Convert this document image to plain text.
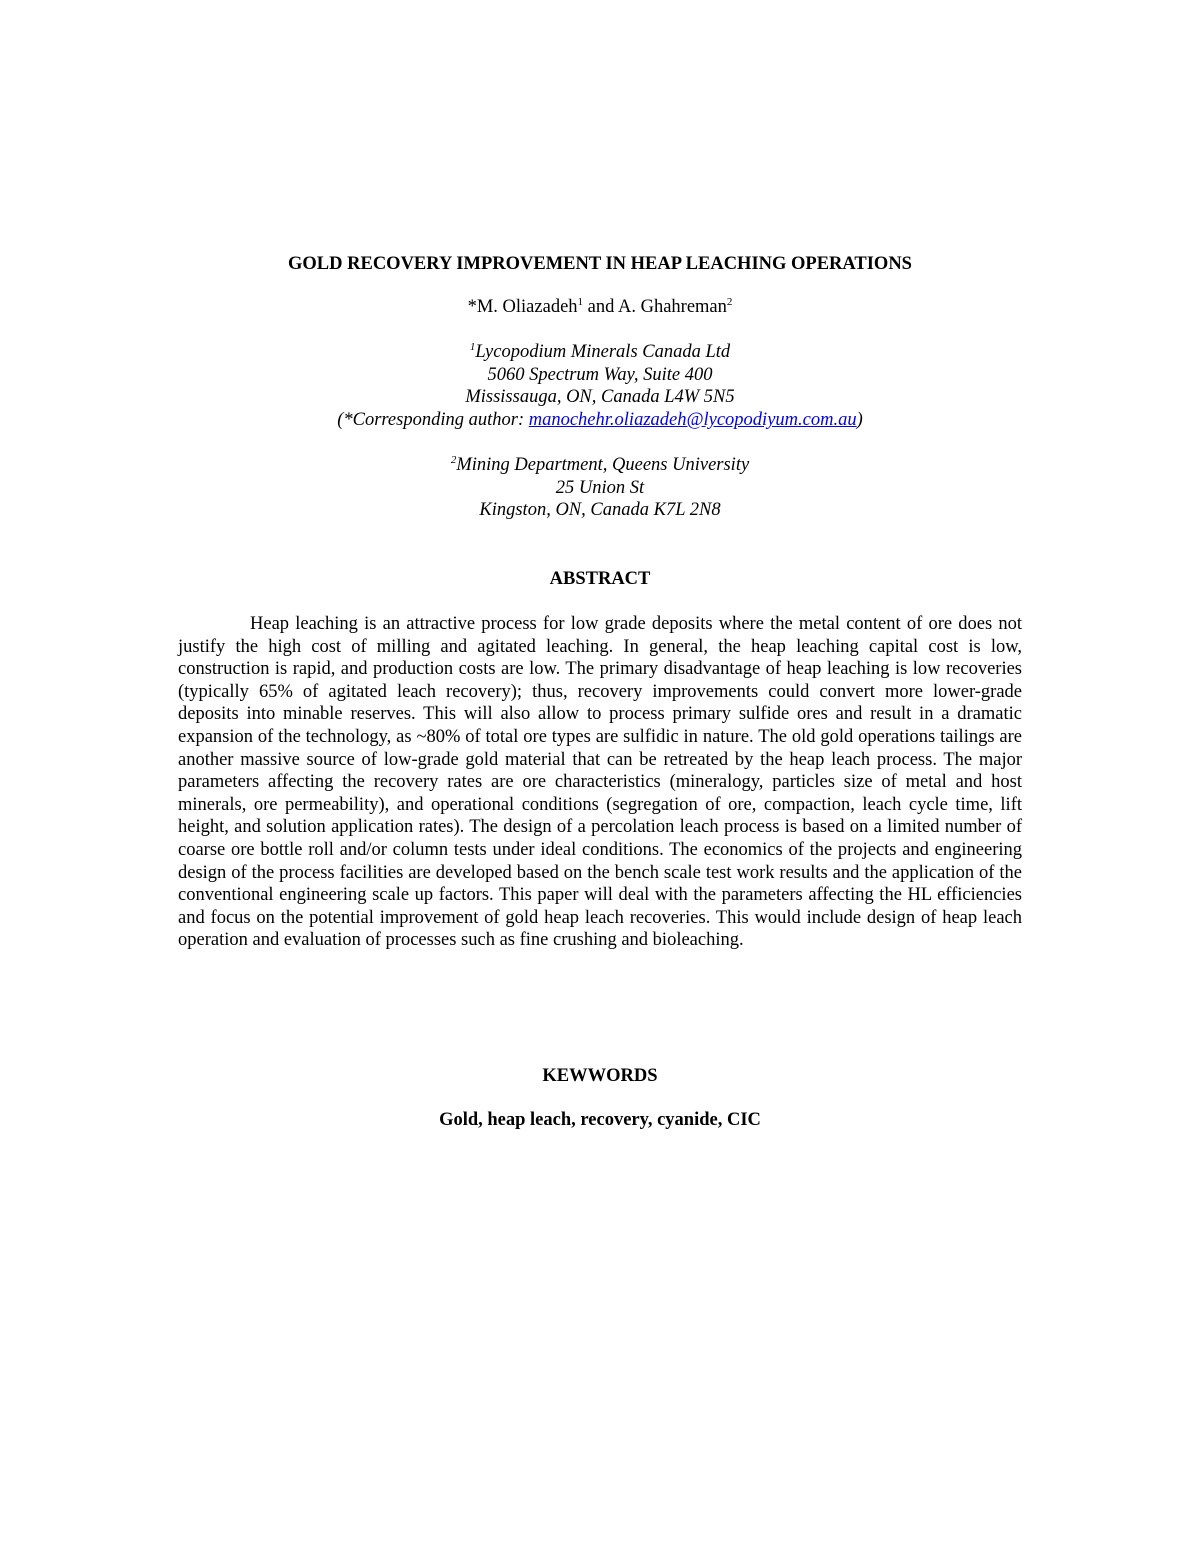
GOLD RECOVERY IMPROVEMENT IN HEAP LEACHING OPERATIONS
*M. Oliazadeh$^1$ and A. Ghahreman$^2$
$^1$Lycopodium Minerals Canada Ltd
5060 Spectrum Way, Suite 400
Mississauga, ON, Canada L4W 5N5
(*Corresponding author: manochehr.oliazadeh@lycopodiyum.com.au)
$^2$Mining Department, Queens University
25 Union St
Kingston, ON, Canada K7L 2N8
ABSTRACT

Heap leaching is an attractive process for low grade deposits where the metal content of ore does not justify the high cost of milling and agitated leaching. In general, the heap leaching capital cost is low, construction is rapid, and production costs are low. The primary disadvantage of heap leaching is low recoveries (typically 65% of agitated leach recovery); thus, recovery improvements could convert more lower-grade deposits into minable reserves. This will also allow to process primary sulfide ores and result in a dramatic expansion of the technology, as ~80% of total ore types are sulfidic in nature. The old gold operations tailings are another massive source of low-grade gold material that can be retreated by the heap leach process. The major parameters affecting the recovery rates are ore characteristics (mineralogy, particles size of metal and host minerals, ore permeability), and operational conditions (segregation of ore, compaction, leach cycle time, lift height, and solution application rates). The design of a percolation leach process is based on a limited number of coarse ore bottle roll and/or column tests under ideal conditions. The economics of the projects and engineering design of the process facilities are developed based on the bench scale test work results and the application of the conventional engineering scale up factors. This paper will deal with the parameters affecting the HL efficiencies and focus on the potential improvement of gold heap leach recoveries. This would include design of heap leach operation and evaluation of processes such as fine crushing and bioleaching.

KEWWORDS
Gold, heap leach, recovery, cyanide, CIC
